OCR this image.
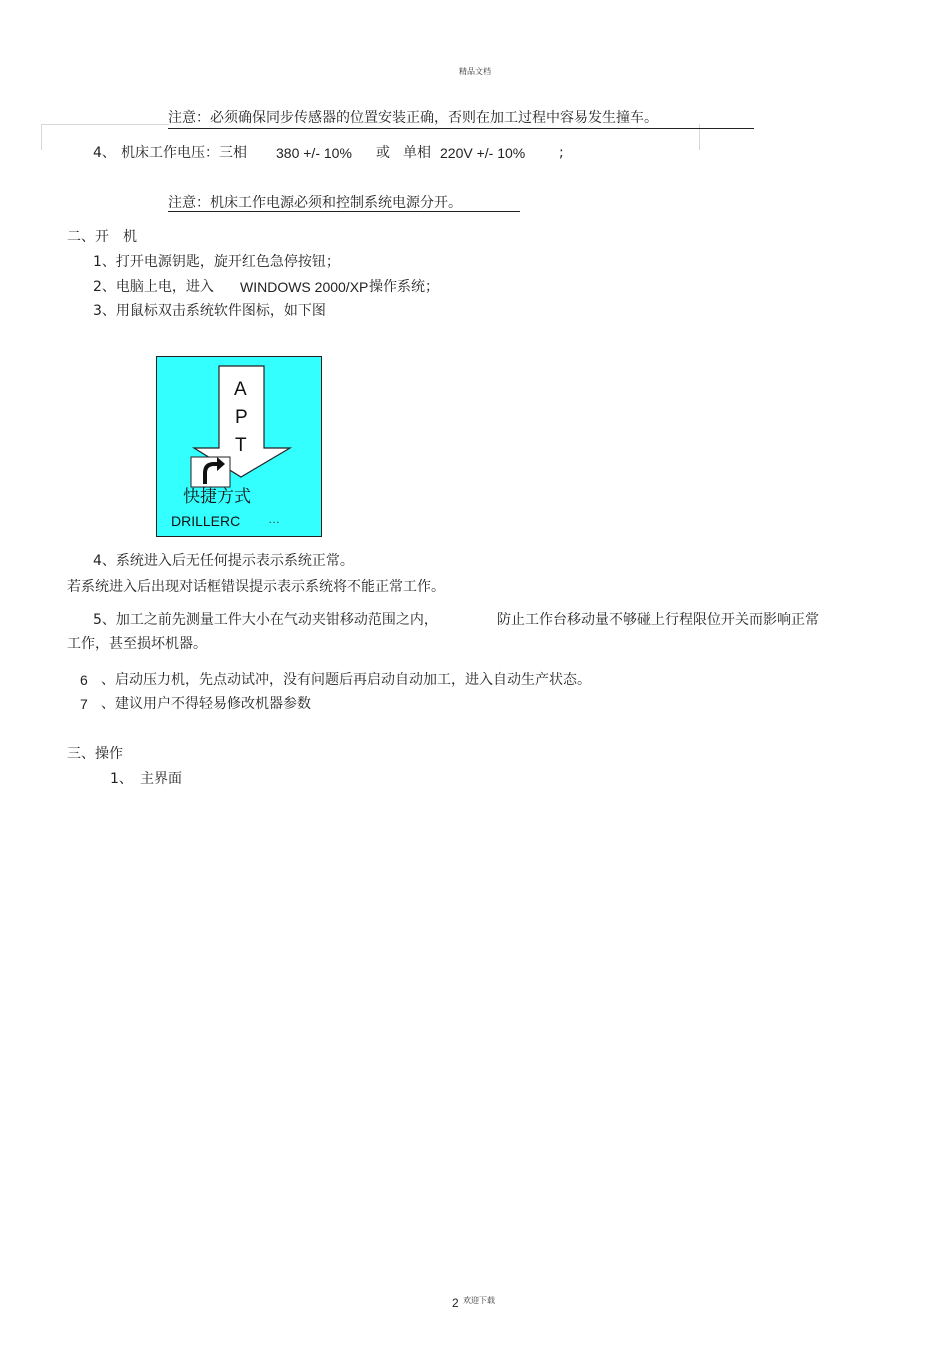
精品文档
注意：必须确保同步传感器的位置安装正确，否则在加工过程中容易发生撞车。
4、 机床工作电压：三相 380 +/- 10% 或 单相 220V +/- 10% ;
注意：机床工作电源必须和控制系统电源分开。
二、开　机
1、打开电源钥匙，旋开红色急停按钮；
2、电脑上电，进入 WINDOWS 2000/XP 操作系统；
3、用鼠标双击系统软件图标，如下图
A
P
T
快捷方式
DRILLERC …
4、系统进入后无任何提示表示系统正常。
若系统进入后出现对话框错误提示表示系统将不能正常工作。
5、加工之前先测量工件大小在气动夹钳移动范围之内，	防止工作台移动量不够碰上行程限位开关而影响正常
工作，甚至损坏机器。
6 、启动压力机，先点动试冲，没有问题后再启动自动加工，进入自动生产状态。
7 、建议用户不得轻易修改机器参数
三、操作
1、 主界面
2 欢迎下载
